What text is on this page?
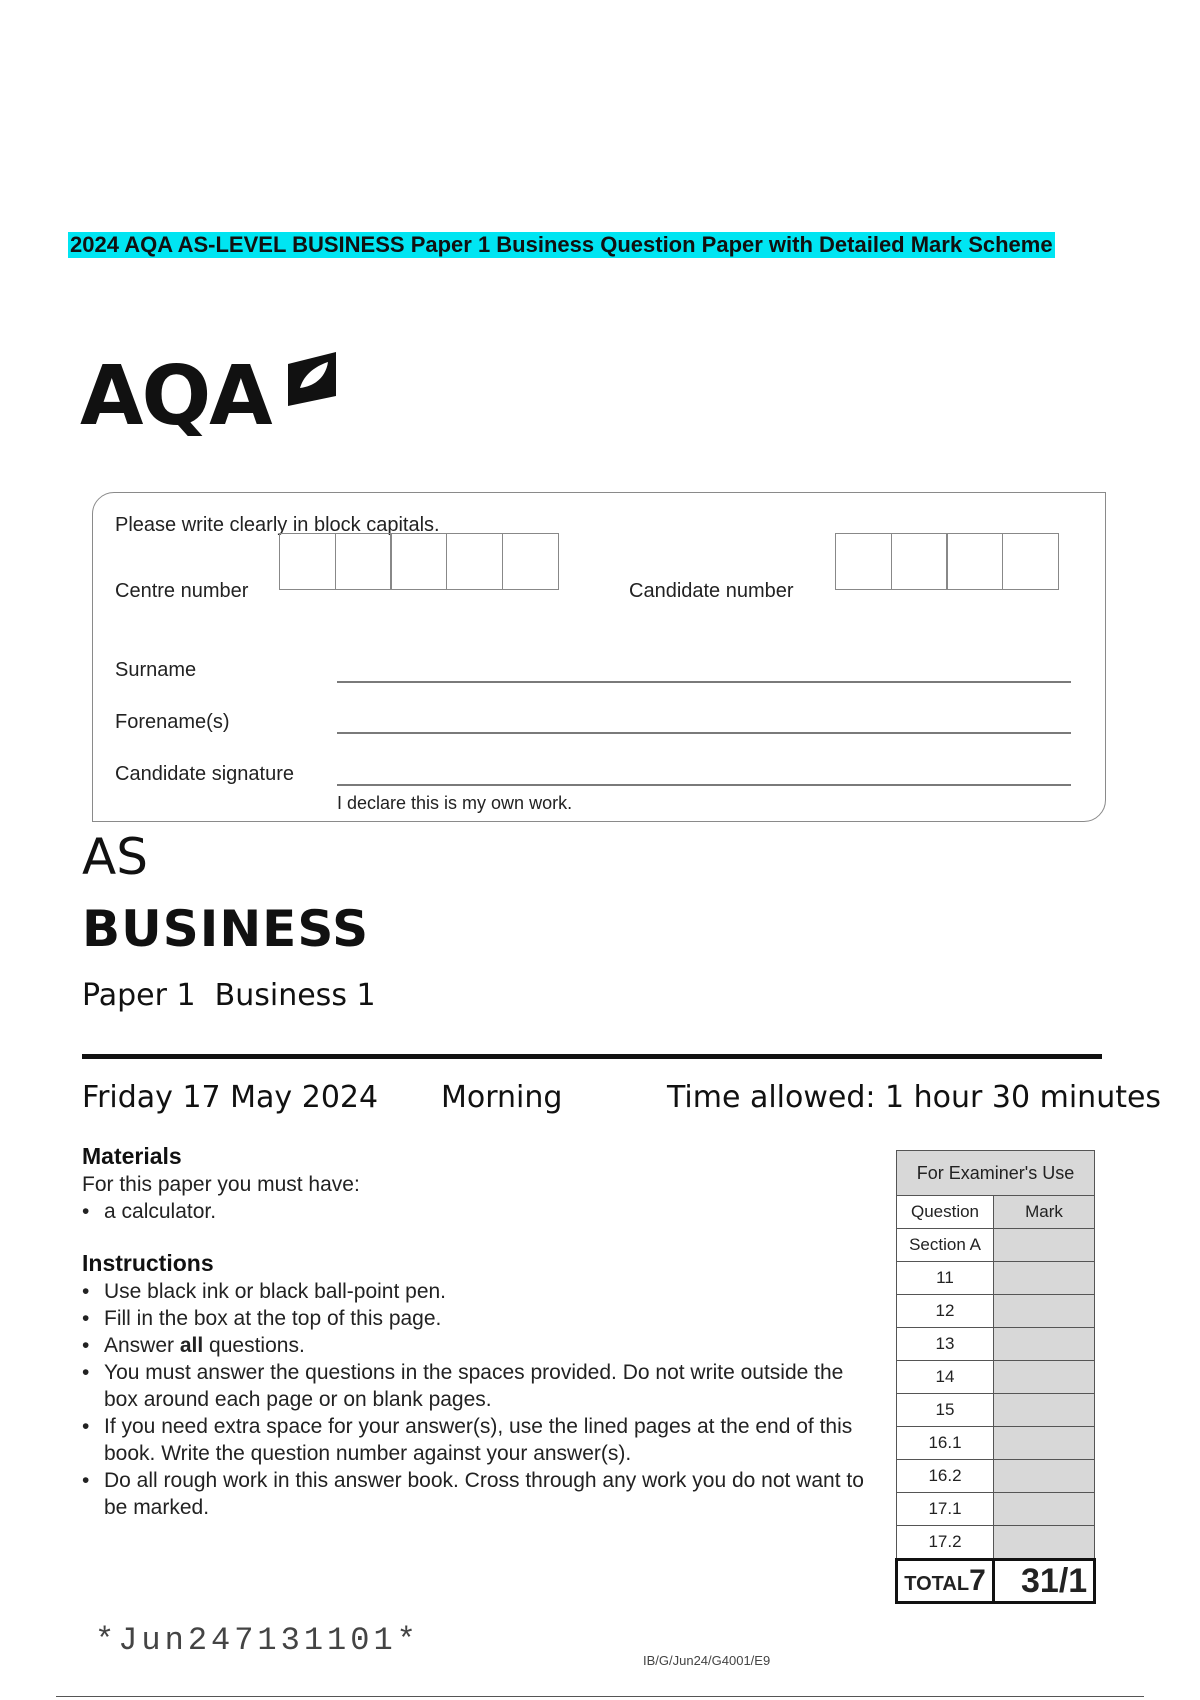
2024 AQA AS-LEVEL BUSINESS Paper 1 Business Question Paper with Detailed Mark Scheme
AQA
Please write clearly in block capitals.
Centre number	Candidate number
Surname
Forename(s)
Candidate signature
I declare this is my own work.
AS
BUSINESS
Paper 1  Business 1
Friday 17 May 2024 Morning	Time allowed: 1 hour 30 minutes
Materials
For this paper you must have:
• a calculator.
Instructions
• Use black ink or black ball-point pen.
• Fill in the box at the top of this page.
• Answer all questions.
• You must answer the questions in the spaces provided. Do not write outside the box around each page or on blank pages.
• If you need extra space for your answer(s), use the lined pages at the end of this book. Write the question number against your answer(s).
• Do all rough work in this answer book. Cross through any work you do not want to be marked.
For Examiner's Use	
Question	Mark
Section A	
11	
12	
13	
14	
15	
16.1	
16.2	
17.1	
17.2	
TOTAL7	31/1
*Jun247131101*
IB/G/Jun24/G4001/E9
